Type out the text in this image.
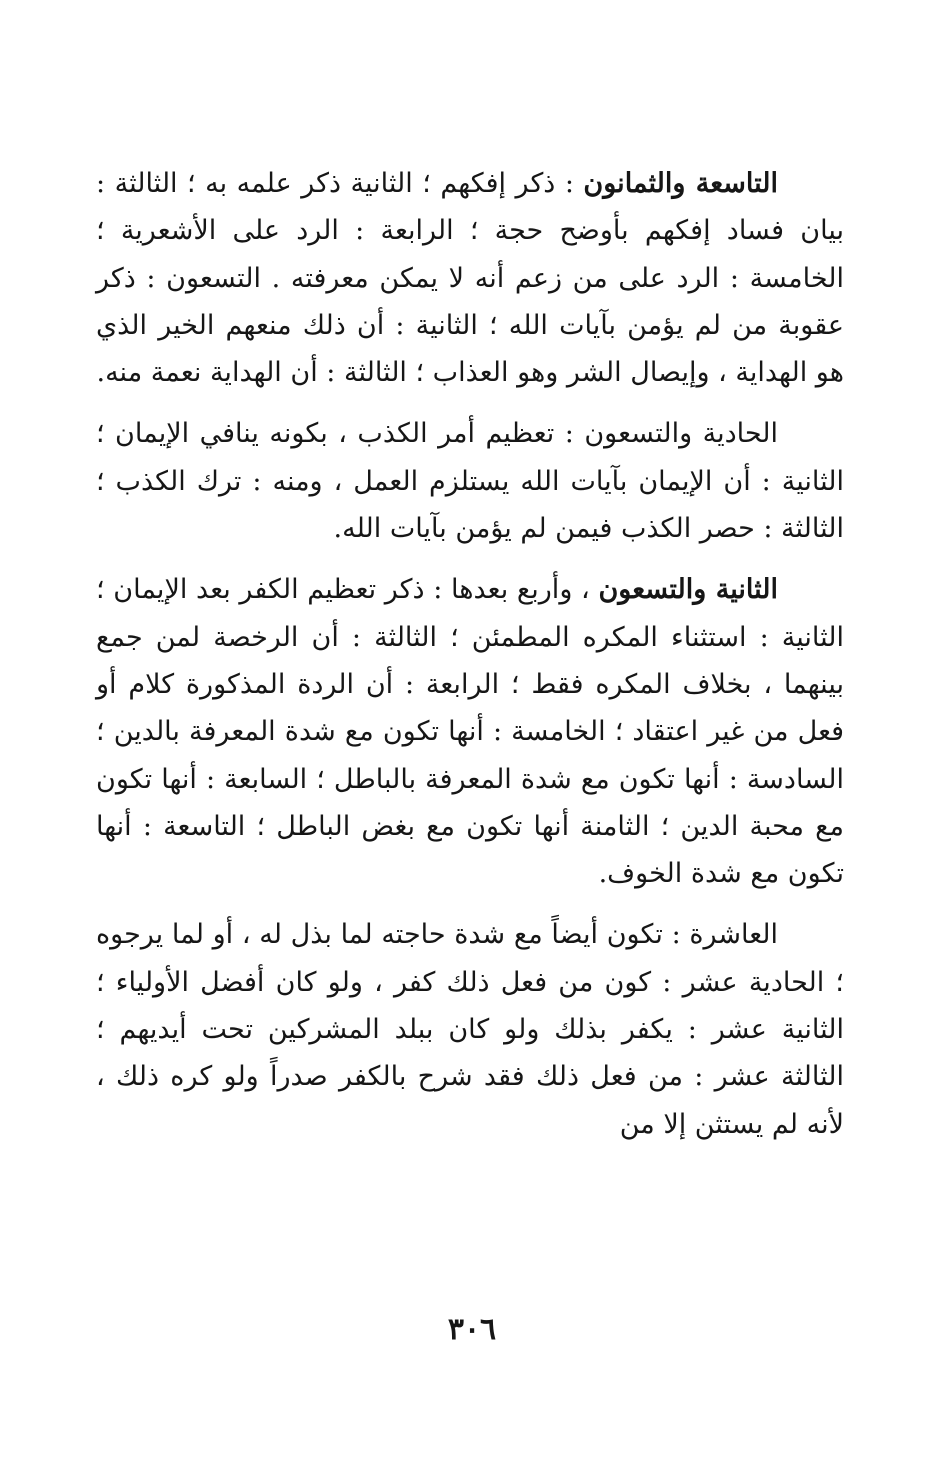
التاسعة والثمانون : ذكر إفكهم ؛ الثانية ذكر علمه به ؛ الثالثة : بيان فساد إفكهم بأوضح حجة ؛ الرابعة : الرد على الأشعرية ؛ الخامسة : الرد على من زعم أنه لا يمكن معرفته . التسعون : ذكر عقوبة من لم يؤمن بآيات الله ؛ الثانية : أن ذلك منعهم الخير الذي هو الهداية ، وإيصال الشر وهو العذاب ؛ الثالثة : أن الهداية نعمة منه.

الحادية والتسعون : تعظيم أمر الكذب ، بكونه ينافي الإيمان ؛ الثانية : أن الإيمان بآيات الله يستلزم العمل ، ومنه : ترك الكذب ؛ الثالثة : حصر الكذب فيمن لم يؤمن بآيات الله.

الثانية والتسعون ، وأربع بعدها : ذكر تعظيم الكفر بعد الإيمان ؛ الثانية : استثناء المكره المطمئن ؛ الثالثة : أن الرخصة لمن جمع بينهما ، بخلاف المكره فقط ؛ الرابعة : أن الردة المذكورة كلام أو فعل من غير اعتقاد ؛ الخامسة : أنها تكون مع شدة المعرفة بالدين ؛ السادسة : أنها تكون مع شدة المعرفة بالباطل ؛ السابعة : أنها تكون مع محبة الدين ؛ الثامنة أنها تكون مع بغض الباطل ؛ التاسعة : أنها تكون مع شدة الخوف.

العاشرة : تكون أيضاً مع شدة حاجته لما بذل له ، أو لما يرجوه ؛ الحادية عشر : كون من فعل ذلك كفر ، ولو كان أفضل الأولياء ؛ الثانية عشر : يكفر بذلك ولو كان ببلد المشركين تحت أيديهم ؛ الثالثة عشر : من فعل ذلك فقد شرح بالكفر صدراً ولو كره ذلك ، لأنه لم يستثن إلا من

٣٠٦
